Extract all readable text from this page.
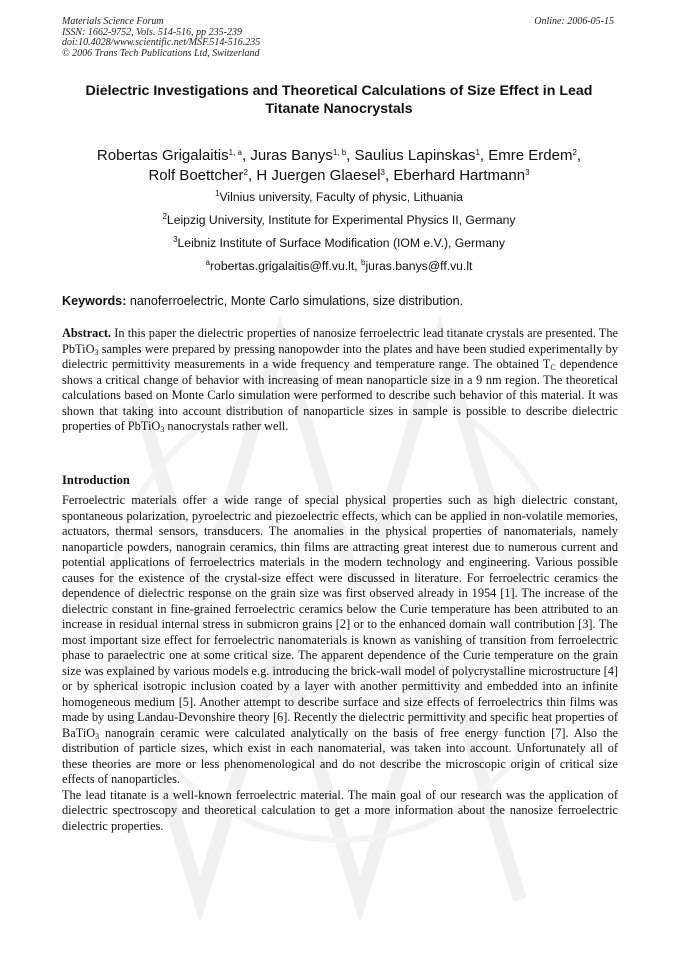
Materials Science Forum
ISSN: 1662-9752, Vols. 514-516, pp 235-239
doi:10.4028/www.scientific.net/MSF.514-516.235
© 2006 Trans Tech Publications Ltd, Switzerland
Online: 2006-05-15
Dielectric Investigations and Theoretical Calculations of Size Effect in Lead Titanate Nanocrystals
Robertas Grigalaitis$^{1, a}$, Juras Banys$^{1, b}$, Saulius Lapinskas$^1$, Emre Erdem$^2$,
Rolf Boettcher$^2$, H Juergen Glaesel$^3$, Eberhard Hartmann$^3$
$^1$Vilnius university, Faculty of physic, Lithuania
$^2$Leipzig University, Institute for Experimental Physics II, Germany
$^3$Leibniz Institute of Surface Modification (IOM e.V.), Germany
$^a$robertas.grigalaitis@ff.vu.lt, $^b$juras.banys@ff.vu.lt
Keywords: nanoferroelectric, Monte Carlo simulations, size distribution.
Abstract. In this paper the dielectric properties of nanosize ferroelectric lead titanate crystals are presented. The PbTiO$_3$ samples were prepared by pressing nanopowder into the plates and have been studied experimentally by dielectric permittivity measurements in a wide frequency and temperature range. The obtained $T_C$ dependence shows a critical change of behavior with increasing of mean nanoparticle size in a 9 nm region. The theoretical calculations based on Monte Carlo simulation were performed to describe such behavior of this material. It was shown that taking into account distribution of nanoparticle sizes in sample is possible to describe dielectric properties of PbTiO$_3$ nanocrystals rather well.
Introduction
Ferroelectric materials offer a wide range of special physical properties such as high dielectric constant, spontaneous polarization, pyroelectric and piezoelectric effects, which can be applied in non-volatile memories, actuators, thermal sensors, transducers. The anomalies in the physical properties of nanomaterials, namely nanoparticle powders, nanograin ceramics, thin films are attracting great interest due to numerous current and potential applications of ferroelectrics materials in the modern technology and engineering. Various possible causes for the existence of the crystal-size effect were discussed in literature. For ferroelectric ceramics the dependence of dielectric response on the grain size was first observed already in 1954 [1]. The increase of the dielectric constant in fine-grained ferroelectric ceramics below the Curie temperature has been attributed to an increase in residual internal stress in submicron grains [2] or to the enhanced domain wall contribution [3]. The most important size effect for ferroelectric nanomaterials is known as vanishing of transition from ferroelectric phase to paraelectric one at some critical size. The apparent dependence of the Curie temperature on the grain size was explained by various models e.g. introducing the brick-wall model of polycrystalline microstructure [4] or by spherical isotropic inclusion coated by a layer with another permittivity and embedded into an infinite homogeneous medium [5]. Another attempt to describe surface and size effects of ferroelectrics thin films was made by using Landau-Devonshire theory [6]. Recently the dielectric permittivity and specific heat properties of BaTiO$_3$ nanograin ceramic were calculated analytically on the basis of free energy function [7]. Also the distribution of particle sizes, which exist in each nanomaterial, was taken into account. Unfortunately all of these theories are more or less phenomenological and do not describe the microscopic origin of critical size effects of nanoparticles.
The lead titanate is a well-known ferroelectric material. The main goal of our research was the application of dielectric spectroscopy and theoretical calculation to get a more information about the nanosize ferroelectric dielectric properties.
